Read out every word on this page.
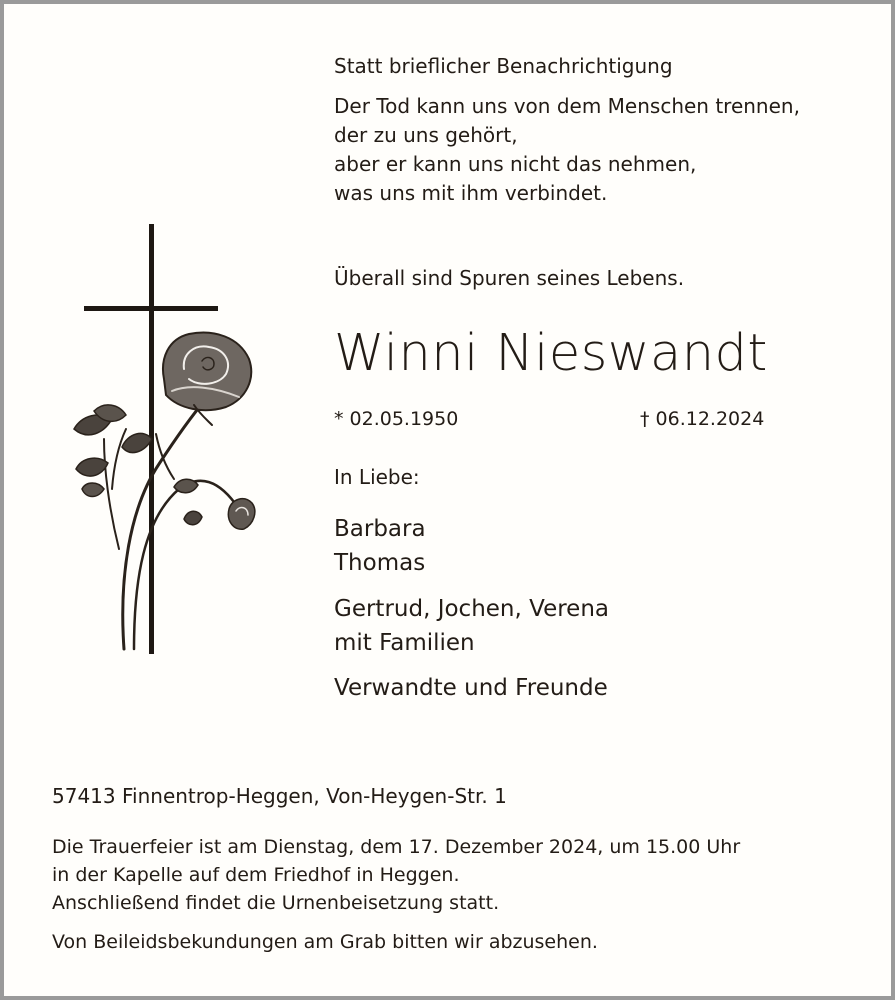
Statt brieflicher Benachrichtigung
Der Tod kann uns von dem Menschen trennen,
der zu uns gehört,
aber er kann uns nicht das nehmen,
was uns mit ihm verbindet.
Überall sind Spuren seines Lebens.
Winni Nieswandt
* 02.05.1950	† 06.12.2024
In Liebe:
Barbara
Thomas
Gertrud, Jochen, Verena
mit Familien
Verwandte und Freunde
57413 Finnentrop-Heggen, Von-Heygen-Str. 1
Die Trauerfeier ist am Dienstag, dem 17. Dezember 2024, um 15.00 Uhr
in der Kapelle auf dem Friedhof in Heggen.
Anschließend findet die Urnenbeisetzung statt.
Von Beileidsbekundungen am Grab bitten wir abzusehen.
